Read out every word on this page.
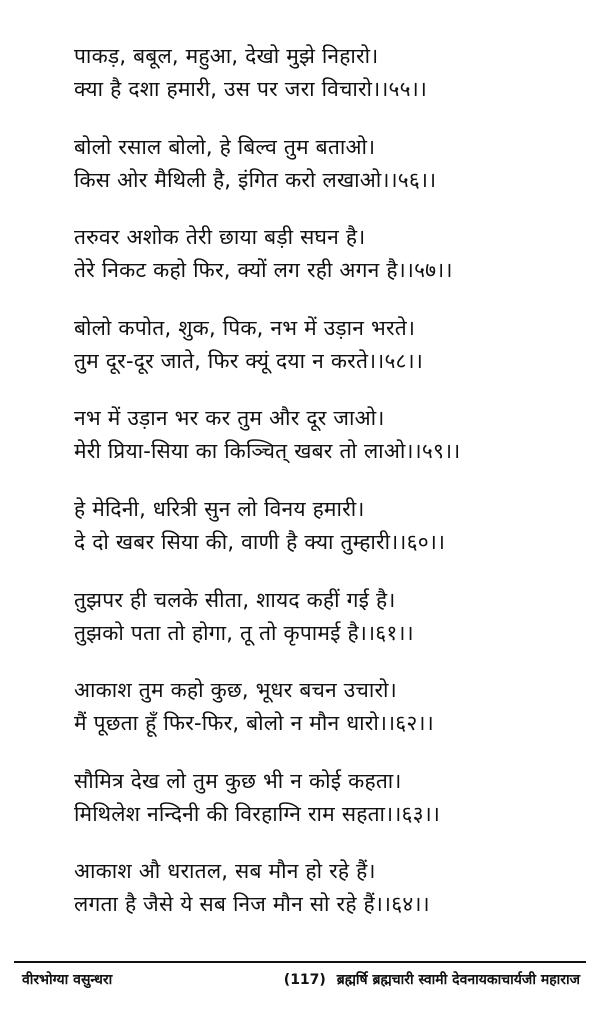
पाकड़, बबूल, महुआ, देखो मुझे निहारो।
क्या है दशा हमारी, उस पर जरा विचारो।।५५।।
बोलो रसाल बोलो, हे बिल्व तुम बताओ।
किस ओर मैथिली है, इंगित करो लखाओ।।५६।।
तरुवर अशोक तेरी छाया बड़ी सघन है।
तेरे निकट कहो फिर, क्यों लग रही अगन है।।५७।।
बोलो कपोत, शुक, पिक, नभ में उड़ान भरते।
तुम दूर-दूर जाते, फिर क्यूं दया न करते।।५८।।
नभ में उड़ान भर कर तुम और दूर जाओ।
मेरी प्रिया-सिया का किञ्चित् खबर तो लाओ।।५९।।
हे मेदिनी, धरित्री सुन लो विनय हमारी।
दे दो खबर सिया की, वाणी है क्या तुम्हारी।।६०।।
तुझपर ही चलके सीता, शायद कहीं गई है।
तुझको पता तो होगा, तू तो कृपामई है।।६१।।
आकाश तुम कहो कुछ, भूधर बचन उचारो।
मैं पूछता हूँ फिर-फिर, बोलो न मौन धारो।।६२।।
सौमित्र देख लो तुम कुछ भी न कोई कहता।
मिथिलेश नन्दिनी की विरहाग्नि राम सहता।।६३।।
आकाश औ धरातल, सब मौन हो रहे हैं।
लगता है जैसे ये सब निज मौन सो रहे हैं।।६४।।
वीरभोग्या वसुन्धरा	(117) ब्रह्मर्षि ब्रह्मचारी स्वामी देवनायकाचार्यजी महाराज
